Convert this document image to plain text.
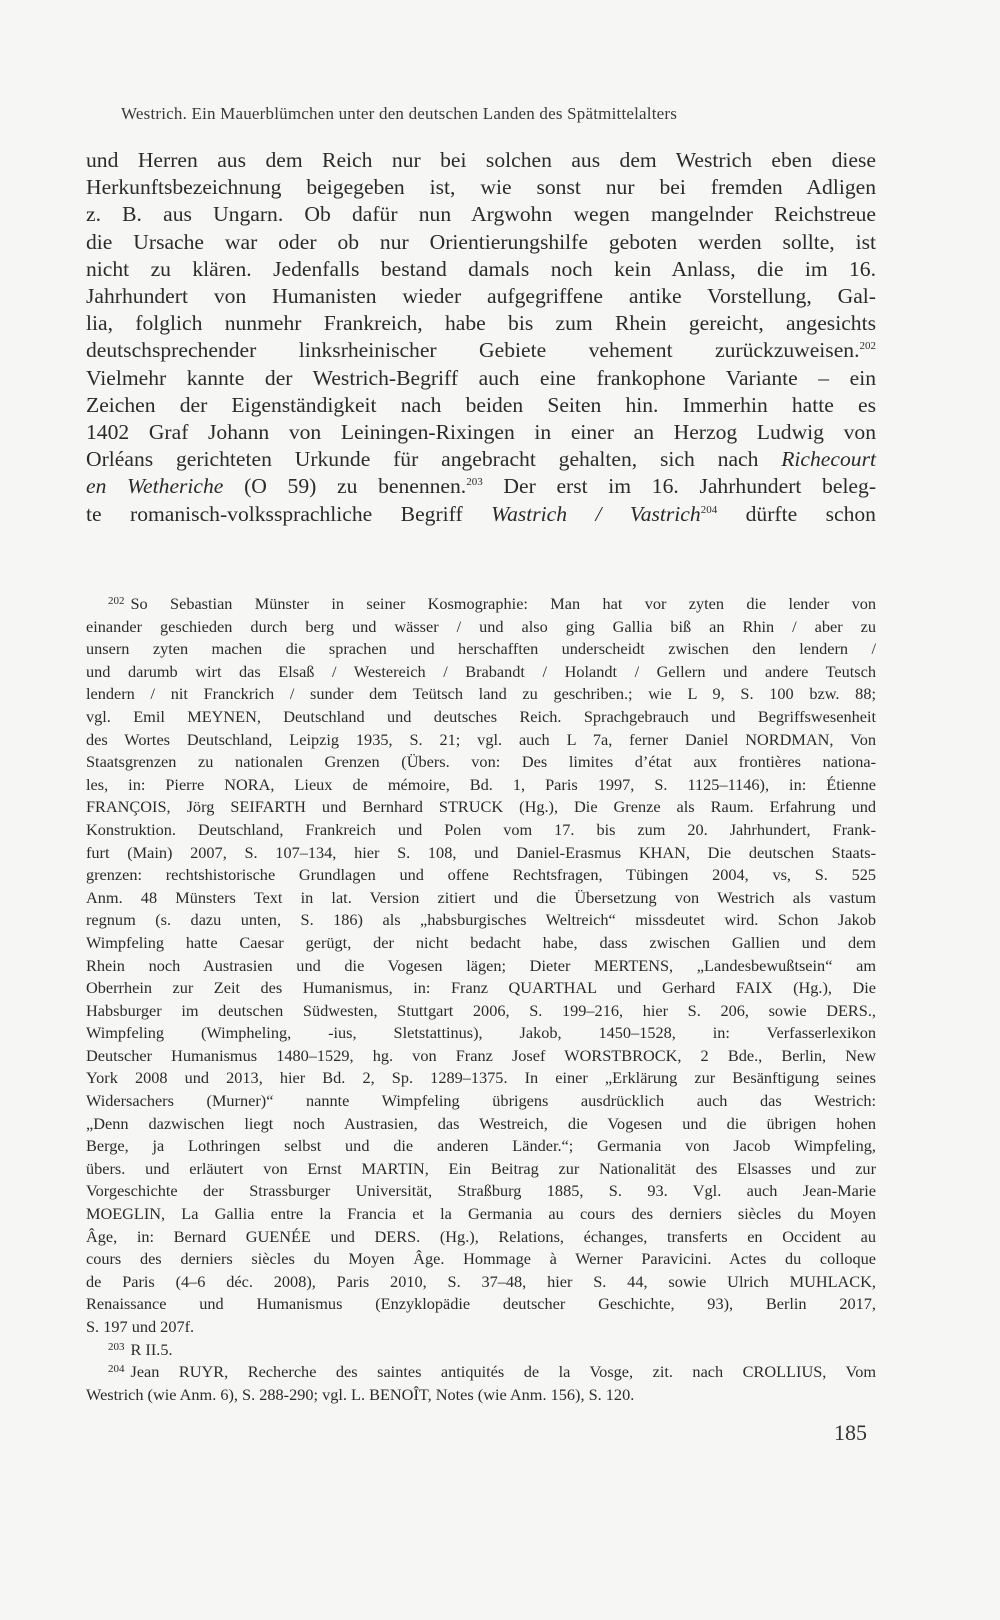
Westrich. Ein Mauerblümchen unter den deutschen Landen des Spätmittelalters
und Herren aus dem Reich nur bei solchen aus dem Westrich eben diese
Herkunftsbezeichnung beigegeben ist, wie sonst nur bei fremden Adligen
z. B. aus Ungarn. Ob dafür nun Argwohn wegen mangelnder Reichstreue
die Ursache war oder ob nur Orientierungshilfe geboten werden sollte, ist
nicht zu klären. Jedenfalls bestand damals noch kein Anlass, die im 16.
Jahrhundert von Humanisten wieder aufgegriffene antike Vorstellung, Gal-
lia, folglich nunmehr Frankreich, habe bis zum Rhein gereicht, angesichts
deutschsprechender linksrheinischer Gebiete vehement zurückzuweisen.$^{202}$
Vielmehr kannte der Westrich-Begriff auch eine frankophone Variante – ein
Zeichen der Eigenständigkeit nach beiden Seiten hin. Immerhin hatte es
1402 Graf Johann von Leiningen-Rixingen in einer an Herzog Ludwig von
Orléans gerichteten Urkunde für angebracht gehalten, sich nach Richecourt
en Wetheriche (O 59) zu benennen.$^{203}$ Der erst im 16. Jahrhundert beleg-
te romanisch-volkssprachliche Begriff Wastrich / Vastrich$^{204}$ dürfte schon
$^{202}$ So Sebastian Münster in seiner Kosmographie: Man hat vor zyten die lender von
einander geschieden durch berg und wässer / und also ging Gallia biß an Rhin / aber zu
unsern zyten machen die sprachen und herschafften underscheidt zwischen den lendern /
und darumb wirt das Elsaß / Westereich / Brabandt / Holandt / Gellern und andere Teutsch
lendern / nit Franckrich / sunder dem Teütsch land zu geschriben.; wie L 9, S. 100 bzw. 88;
vgl. Emil MEYNEN, Deutschland und deutsches Reich. Sprachgebrauch und Begriffswesenheit
des Wortes Deutschland, Leipzig 1935, S. 21; vgl. auch L 7a, ferner Daniel NORDMAN, Von
Staatsgrenzen zu nationalen Grenzen (Übers. von: Des limites d’état aux frontières nationa-
les, in: Pierre NORA, Lieux de mémoire, Bd. 1, Paris 1997, S. 1125–1146), in: Étienne
FRANÇOIS, Jörg SEIFARTH und Bernhard STRUCK (Hg.), Die Grenze als Raum. Erfahrung und
Konstruktion. Deutschland, Frankreich und Polen vom 17. bis zum 20. Jahrhundert, Frank-
furt (Main) 2007, S. 107–134, hier S. 108, und Daniel-Erasmus KHAN, Die deutschen Staats-
grenzen: rechtshistorische Grundlagen und offene Rechtsfragen, Tübingen 2004, vs, S. 525
Anm. 48 Münsters Text in lat. Version zitiert und die Übersetzung von Westrich als vastum
regnum (s. dazu unten, S. 186) als „habsburgisches Weltreich“ missdeutet wird. Schon Jakob
Wimpfeling hatte Caesar gerügt, der nicht bedacht habe, dass zwischen Gallien und dem
Rhein noch Austrasien und die Vogesen lägen; Dieter MERTENS, „Landesbewußtsein“ am
Oberrhein zur Zeit des Humanismus, in: Franz QUARTHAL und Gerhard FAIX (Hg.), Die
Habsburger im deutschen Südwesten, Stuttgart 2006, S. 199–216, hier S. 206, sowie DERS.,
Wimpfeling (Wimpheling, -ius, Sletstattinus), Jakob, 1450–1528, in: Verfasserlexikon
Deutscher Humanismus 1480–1529, hg. von Franz Josef WORSTBROCK, 2 Bde., Berlin, New
York 2008 und 2013, hier Bd. 2, Sp. 1289–1375. In einer „Erklärung zur Besänftigung seines
Widersachers (Murner)“ nannte Wimpfeling übrigens ausdrücklich auch das Westrich:
„Denn dazwischen liegt noch Austrasien, das Westreich, die Vogesen und die übrigen hohen
Berge, ja Lothringen selbst und die anderen Länder.“; Germania von Jacob Wimpfeling,
übers. und erläutert von Ernst MARTIN, Ein Beitrag zur Nationalität des Elsasses und zur
Vorgeschichte der Strassburger Universität, Straßburg 1885, S. 93. Vgl. auch Jean-Marie
MOEGLIN, La Gallia entre la Francia et la Germania au cours des derniers siècles du Moyen
Âge, in: Bernard GUENÉE und DERS. (Hg.), Relations, échanges, transferts en Occident au
cours des derniers siècles du Moyen Âge. Hommage à Werner Paravicini. Actes du colloque
de Paris (4–6 déc. 2008), Paris 2010, S. 37–48, hier S. 44, sowie Ulrich MUHLACK,
Renaissance und Humanismus (Enzyklopädie deutscher Geschichte, 93), Berlin 2017,
S. 197 und 207f.
$^{203}$ R II.5.
$^{204}$ Jean RUYR, Recherche des saintes antiquités de la Vosge, zit. nach CROLLIUS, Vom
Westrich (wie Anm. 6), S. 288-290; vgl. L. BENOÎT, Notes (wie Anm. 156), S. 120.
185
